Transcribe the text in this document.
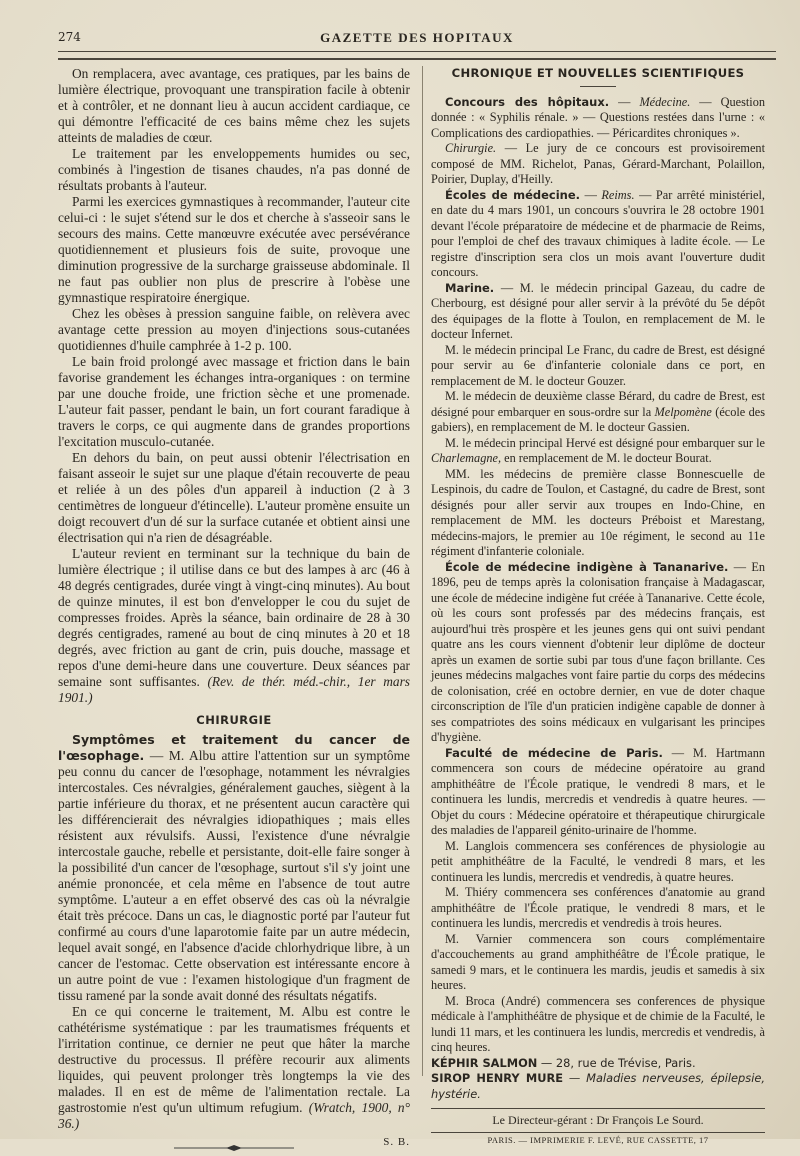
274	GAZETTE DES HOPITAUX

On remplacera, avec avantage, ces pratiques, par les bains de lumière électrique, provoquant une transpiration facile à obtenir et à contrôler, et ne donnant lieu à aucun accident cardiaque, ce qui démontre l'efficacité de ces bains même chez les sujets atteints de maladies de cœur.

Le traitement par les enveloppements humides ou sec, combinés à l'ingestion de tisanes chaudes, n'a pas donné de résultats probants à l'auteur.

Parmi les exercices gymnastiques à recommander, l'auteur cite celui-ci : le sujet s'étend sur le dos et cherche à s'asseoir sans le secours des mains. Cette manœuvre exécutée avec persévérance quotidiennement et plusieurs fois de suite, provoque une diminution progressive de la surcharge graisseuse abdominale. Il ne faut pas oublier non plus de prescrire à l'obèse une gymnastique respiratoire énergique.

Chez les obèses à pression sanguine faible, on relèvera avec avantage cette pression au moyen d'injections sous-cutanées quotidiennes d'huile camphrée à 1-2 p. 100.

Le bain froid prolongé avec massage et friction dans le bain favorise grandement les échanges intra-organiques : on termine par une douche froide, une friction sèche et une promenade. L'auteur fait passer, pendant le bain, un fort courant faradique à travers le corps, ce qui augmente dans de grandes proportions l'excitation musculo-cutanée.

En dehors du bain, on peut aussi obtenir l'électrisation en faisant asseoir le sujet sur une plaque d'étain recouverte de peau et reliée à un des pôles d'un appareil à induction (2 à 3 centimètres de longueur d'étincelle). L'auteur promène ensuite un doigt recouvert d'un dé sur la surface cutanée et obtient ainsi une électrisation qui n'a rien de désagréable.

L'auteur revient en terminant sur la technique du bain de lumière électrique ; il utilise dans ce but des lampes à arc (46 à 48 degrés centigrades, durée vingt à vingt-cinq minutes). Au bout de quinze minutes, il est bon d'envelopper le cou du sujet de compresses froides. Après la séance, bain ordinaire de 28 à 30 degrés centigrades, ramené au bout de cinq minutes à 20 et 18 degrés, avec friction au gant de crin, puis douche, massage et repos d'une demi-heure dans une couverture. Deux séances par semaine sont suffisantes. (Rev. de thér. méd.-chir., 1er mars 1901.)

CHIRURGIE

Symptômes et traitement du cancer de l'œsophage. — M. Albu attire l'attention sur un symptôme peu connu du cancer de l'œsophage, notamment les névralgies intercostales. Ces névralgies, généralement gauches, siègent à la partie inférieure du thorax, et ne présentent aucun caractère qui les différencierait des névralgies idiopathiques ; mais elles résistent aux révulsifs. Aussi, l'existence d'une névralgie intercostale gauche, rebelle et persistante, doit-elle faire songer à la possibilité d'un cancer de l'œsophage, surtout s'il s'y joint une anémie prononcée, et cela même en l'absence de tout autre symptôme. L'auteur a en effet observé des cas où la névralgie était très précoce. Dans un cas, le diagnostic porté par l'auteur fut confirmé au cours d'une laparotomie faite par un autre médecin, lequel avait songé, en l'absence d'acide chlorhydrique libre, à un cancer de l'estomac. Cette observation est intéressante encore à un autre point de vue : l'examen histologique d'un fragment de tissu ramené par la sonde avait donné des résultats négatifs.

En ce qui concerne le traitement, M. Albu est contre le cathétérisme systématique : par les traumatismes fréquents et l'irritation continue, ce dernier ne peut que hâter la marche destructive du processus. Il préfère recourir aux aliments liquides, qui peuvent prolonger très longtemps la vie des malades. Il en est de même de l'alimentation rectale. La gastrostomie n'est qu'un ultimum refugium. (Wratch, 1900, n° 36.)

S. B.
CHRONIQUE ET NOUVELLES SCIENTIFIQUES

Concours des hôpitaux. — Médecine. — Question donnée : « Syphilis rénale. » — Questions restées dans l'urne : « Complications des cardiopathies. — Péricardites chroniques ».

Chirurgie. — Le jury de ce concours est provisoirement composé de MM. Richelot, Panas, Gérard-Marchant, Polaillon, Poirier, Duplay, d'Heilly.

Écoles de médecine. — Reims. — Par arrêté ministériel, en date du 4 mars 1901, un concours s'ouvrira le 28 octobre 1901 devant l'école préparatoire de médecine et de pharmacie de Reims, pour l'emploi de chef des travaux chimiques à ladite école. — Le registre d'inscription sera clos un mois avant l'ouverture dudit concours.

Marine. — M. le médecin principal Gazeau, du cadre de Cherbourg, est désigné pour aller servir à la prévôté du 5e dépôt des équipages de la flotte à Toulon, en remplacement de M. le docteur Infernet.

M. le médecin principal Le Franc, du cadre de Brest, est désigné pour servir au 6e d'infanterie coloniale dans ce port, en remplacement de M. le docteur Gouzer.

M. le médecin de deuxième classe Bérard, du cadre de Brest, est désigné pour embarquer en sous-ordre sur la Melpomène (école des gabiers), en remplacement de M. le docteur Gassien.

M. le médecin principal Hervé est désigné pour embarquer sur le Charlemagne, en remplacement de M. le docteur Bourat.

MM. les médecins de première classe Bonnescuelle de Lespinois, du cadre de Toulon, et Castagné, du cadre de Brest, sont désignés pour aller servir aux troupes en Indo-Chine, en remplacement de MM. les docteurs Préboist et Marestang, médecins-majors, le premier au 10e régiment, le second au 11e régiment d'infanterie coloniale.

École de médecine indigène à Tananarive. — En 1896, peu de temps après la colonisation française à Madagascar, une école de médecine indigène fut créée à Tananarive. Cette école, où les cours sont professés par des médecins français, est aujourd'hui très prospère et les jeunes gens qui ont suivi pendant quatre ans les cours viennent d'obtenir leur diplôme de docteur après un examen de sortie subi par tous d'une façon brillante. Ces jeunes médecins malgaches vont faire partie du corps des médecins de colonisation, créé en octobre dernier, en vue de doter chaque circonscription de l'île d'un praticien indigène capable de donner à ses compatriotes des soins médicaux en vulgarisant les principes d'hygiène.

Faculté de médecine de Paris. — M. Hartmann commencera son cours de médecine opératoire au grand amphithéâtre de l'École pratique, le vendredi 8 mars, et le continuera les lundis, mercredis et vendredis à quatre heures. — Objet du cours : Médecine opératoire et thérapeutique chirurgicale des maladies de l'appareil génito-urinaire de l'homme.

M. Langlois commencera ses conférences de physiologie au petit amphithéâtre de la Faculté, le vendredi 8 mars, et les continuera les lundis, mercredis et vendredis, à quatre heures.

M. Thiéry commencera ses conférences d'anatomie au grand amphithéâtre de l'École pratique, le vendredi 8 mars, et le continuera les lundis, mercredis et vendredis à trois heures.

M. Varnier commencera son cours complémentaire d'accouchements au grand amphithéâtre de l'École pratique, le samedi 9 mars, et le continuera les mardis, jeudis et samedis à six heures.

M. Broca (André) commencera ses conferences de physique médicale à l'amphithéâtre de physique et de chimie de la Faculté, le lundi 11 mars, et les continuera les lundis, mercredis et vendredis, à cinq heures.

KÉPHIR SALMON — 28, rue de Trévise, Paris.

SIROP HENRY MURE — Maladies nerveuses, épilepsie, hystérie.

Le Directeur-gérant : Dr François Le Sourd.

PARIS. — IMPRIMERIE F. LEVÉ, RUE CASSETTE, 17
